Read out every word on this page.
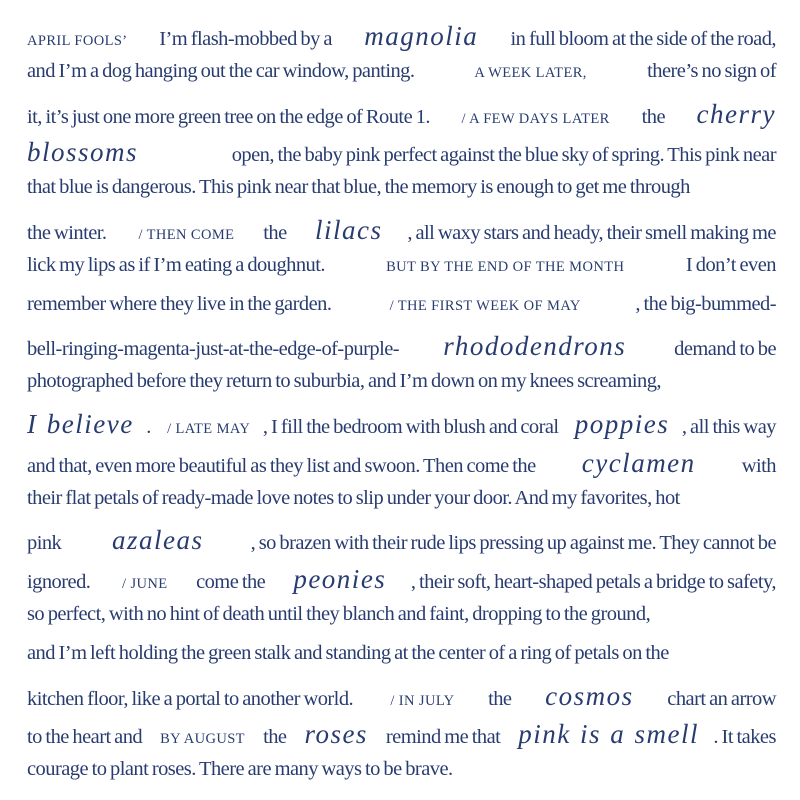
APRIL FOOLS’ I’m flash-mobbed by a magnolia in full bloom at the side of the road,
and I’m a dog hanging out the car window, panting.	A WEEK LATER,	there’s no sign of
it, it’s just one more green tree on the edge of Route 1. / A FEW DAYS LATER the cherry
blossoms	open, the baby pink perfect against the blue sky of spring. This pink near
that blue is dangerous. This pink near that blue, the memory is enough to get me through
the winter. / THEN COME the lilacs , all waxy stars and heady, their smell making me
lick my lips as if I’m eating a doughnut.	BUT BY THE END OF THE MONTH	I don’t even
remember where they live in the garden.	/ THE FIRST WEEK OF MAY	, the big-bummed-
bell-ringing-magenta-just-at-the-edge-of-purple- rhododendrons demand to be
photographed before they return to suburbia, and I’m down on my knees screaming,
I believe . / LATE MAY , I fill the bedroom with blush and coral poppies , all this way
and that, even more beautiful as they list and swoon. Then come the cyclamen with
their flat petals of ready-made love notes to slip under your door. And my favorites, hot
pink azaleas , so brazen with their rude lips pressing up against me. They cannot be
ignored. / JUNE come the peonies , their soft, heart-shaped petals a bridge to safety,
so perfect, with no hint of death until they blanch and faint, dropping to the ground,
and I’m left holding the green stalk and standing at the center of a ring of petals on the
kitchen floor, like a portal to another world. / IN JULY the cosmos chart an arrow
to the heart and BY AUGUST the roses remind me that pink is a smell . It takes
courage to plant roses. There are many ways to be brave.
